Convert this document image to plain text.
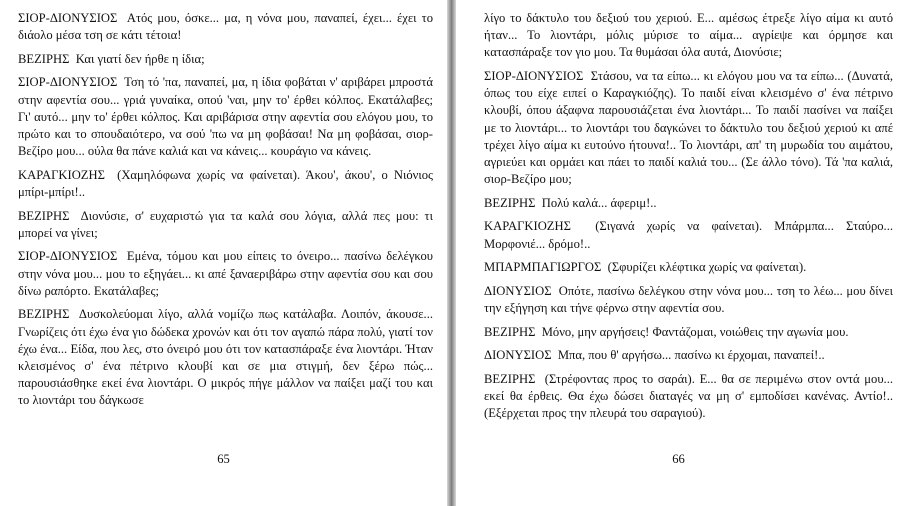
ΣΙΟΡ-ΔΙΟΝΥΣΙΟΣ Ατός μου, όσκε... μα, η νόνα μου, παναπεί, έχει... έχει το διάολο μέσα τση σε κάτι τέτοια!

ΒΕΖΙΡΗΣ Και γιατί δεν ήρθε η ίδια;

ΣΙΟΡ-ΔΙΟΝΥΣΙΟΣ Τση τό 'πα, παναπεί, μα, η ίδια φοβάται ν' αριβάρει μπροστά στην αφεντία σου... γριά γυναίκα, οπού 'ναι, μην το' έρθει κόλπος. Εκατάλαβες; Γι' αυτό... μην το' έρθει κόλπος. Και αριβάρισα στην αφεντία σου ελόγου μου, το πρώτο και το σπουδαιότερο, να σού 'πω να μη φοβάσαι! Να μη φοβάσαι, σιορ-Βεζίρο μου... ούλα θα πάνε καλιά και να κάνεις... κουράγιο να κάνεις.

ΚΑΡΑΓΚΙΟΖΗΣ (Χαμηλόφωνα χωρίς να φαίνεται). Άκου', άκου', ο Νιόνιος μπίρι-μπίρι!..

ΒΕΖΙΡΗΣ Διονύσιε, σ' ευχαριστώ για τα καλά σου λόγια, αλλά πες μου: τι μπορεί να γίνει;

ΣΙΟΡ-ΔΙΟΝΥΣΙΟΣ Εμένα, τόμου και μου είπεις το όνειρο... πασίνω δελέγκου στην νόνα μου... μου το εξηγάει... κι απέ ξαναεριβάρω στην αφεντία σου και σου δίνω ραπόρτο. Εκατάλαβες;

ΒΕΖΙΡΗΣ Δυσκολεύομαι λίγο, αλλά νομίζω πως κατάλαβα. Λοιπόν, άκουσε... Γνωρίζεις ότι έχω ένα γιο δώδεκα χρονών και ότι τον αγαπώ πάρα πολύ, γιατί τον έχω ένα... Είδα, που λες, στο όνειρό μου ότι τον κατασπάραξε ένα λιοντάρι. Ήταν κλεισμένος σ' ένα πέτρινο κλουβί και σε μια στιγμή, δεν ξέρω πώς... παρουσιάσθηκε εκεί ένα λιοντάρι. Ο μικρός πήγε μάλλον να παίξει μαζί του και το λιοντάρι του δάγκωσε

65

λίγο το δάκτυλο του δεξιού του χεριού. Ε... αμέσως έτρεξε λίγο αίμα κι αυτό ήταν... Το λιοντάρι, μόλις μύρισε το αίμα... αγρίεψε και όρμησε και κατασπάραξε τον γιο μου. Τα θυμάσαι όλα αυτά, Διονύσιε;

ΣΙΟΡ-ΔΙΟΝΥΣΙΟΣ Στάσου, να τα είπω... κι ελόγου μου να τα είπω... (Δυνατά, όπως του είχε ειπεί ο Καραγκιόζης). Το παιδί είναι κλεισμένο σ' ένα πέτρινο κλουβί, όπου άξαφνα παρουσιάζεται ένα λιοντάρι... Το παιδί πασίνει να παίξει με το λιοντάρι... το λιοντάρι του δαγκώνει το δάκτυλο του δεξιού χεριού κι απέ τρέχει λίγο αίμα κι ευτούνο ήτουνα!.. Το λιοντάρι, απ' τη μυρωδία του αιμάτου, αγριεύει και ορμάει και πάει το παιδί καλιά του... (Σε άλλο τόνο). Τά 'πα καλιά, σιορ-Βεζίρο μου;

ΒΕΖΙΡΗΣ Πολύ καλά... άφεριμ!..

ΚΑΡΑΓΚΙΟΖΗΣ (Σιγανά χωρίς να φαίνεται). Μπάρμπα... Σταύρο... Μορφονιέ... δρόμο!..

ΜΠΑΡΜΠΑΓΙΩΡΓΟΣ (Σφυρίζει κλέφτικα χωρίς να φαίνεται).

ΔΙΟΝΥΣΙΟΣ Οπότε, πασίνω δελέγκου στην νόνα μου... τση το λέω... μου δίνει την εξήγηση και τήνε φέρνω στην αφεντία σου.

ΒΕΖΙΡΗΣ Μόνο, μην αργήσεις! Φαντάζομαι, νοιώθεις την αγωνία μου.

ΔΙΟΝΥΣΙΟΣ Μπα, που θ' αργήσω... πασίνω κι έρχομαι, παναπεί!..

ΒΕΖΙΡΗΣ (Στρέφοντας προς το σαράι). Ε... θα σε περιμένω στον οντά μου... εκεί θα έρθεις. Θα έχω δώσει διαταγές να μη σ' εμποδίσει κανένας. Αντίο!.. (Εξέρχεται προς την πλευρά του σαραγιού).

66
